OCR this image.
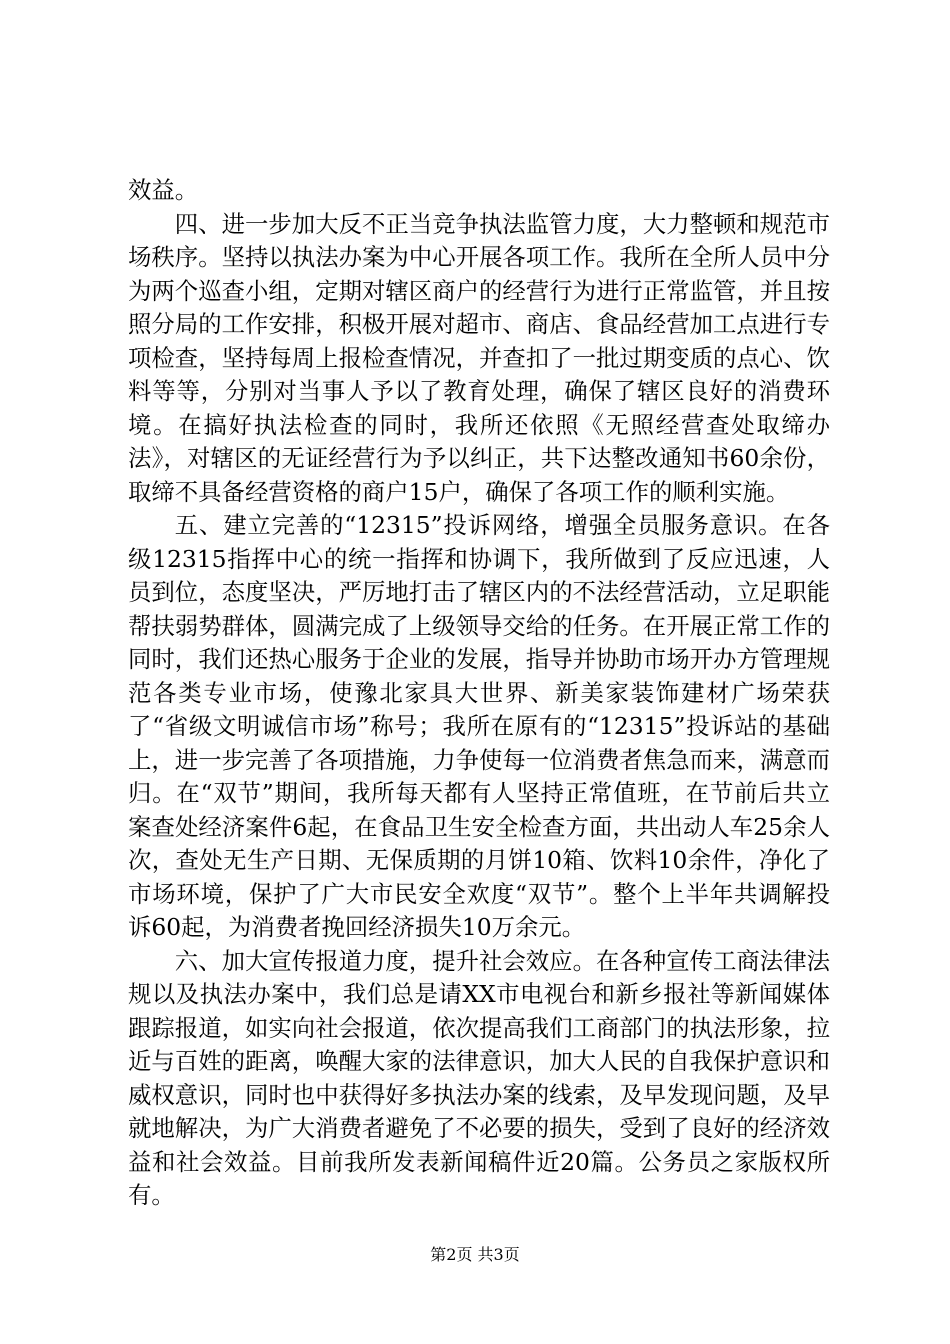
效益。

四、进一步加大反不正当竞争执法监管力度，大力整顿和规范市场秩序。坚持以执法办案为中心开展各项工作。我所在全所人员中分为两个巡查小组，定期对辖区商户的经营行为进行正常监管，并且按照分局的工作安排，积极开展对超市、商店、食品经营加工点进行专项检查，坚持每周上报检查情况，并查扣了一批过期变质的点心、饮料等等，分别对当事人予以了教育处理，确保了辖区良好的消费环境。在搞好执法检查的同时，我所还依照《无照经营查处取缔办法》，对辖区的无证经营行为予以纠正，共下达整改通知书60余份，取缔不具备经营资格的商户15户，确保了各项工作的顺利实施。

五、建立完善的“12315”投诉网络，增强全员服务意识。在各级12315指挥中心的统一指挥和协调下，我所做到了反应迅速，人员到位，态度坚决，严厉地打击了辖区内的不法经营活动，立足职能帮扶弱势群体，圆满完成了上级领导交给的任务。在开展正常工作的同时，我们还热心服务于企业的发展，指导并协助市场开办方管理规范各类专业市场，使豫北家具大世界、新美家装饰建材广场荣获了“省级文明诚信市场”称号；我所在原有的“12315”投诉站的基础上，进一步完善了各项措施，力争使每一位消费者焦急而来，满意而归。在“双节”期间，我所每天都有人坚持正常值班，在节前后共立案查处经济案件6起，在食品卫生安全检查方面，共出动人车25余人次，查处无生产日期、无保质期的月饼10箱、饮料10余件，净化了市场环境，保护了广大市民安全欢度“双节”。整个上半年共调解投诉60起，为消费者挽回经济损失10万余元。

六、加大宣传报道力度，提升社会效应。在各种宣传工商法律法规以及执法办案中，我们总是请XX市电视台和新乡报社等新闻媒体跟踪报道，如实向社会报道，依次提高我们工商部门的执法形象，拉近与百姓的距离，唤醒大家的法律意识，加大人民的自我保护意识和威权意识，同时也中获得好多执法办案的线索，及早发现问题，及早就地解决，为广大消费者避免了不必要的损失，受到了良好的经济效益和社会效益。目前我所发表新闻稿件近20篇。公务员之家版权所有。

第2页 共3页
